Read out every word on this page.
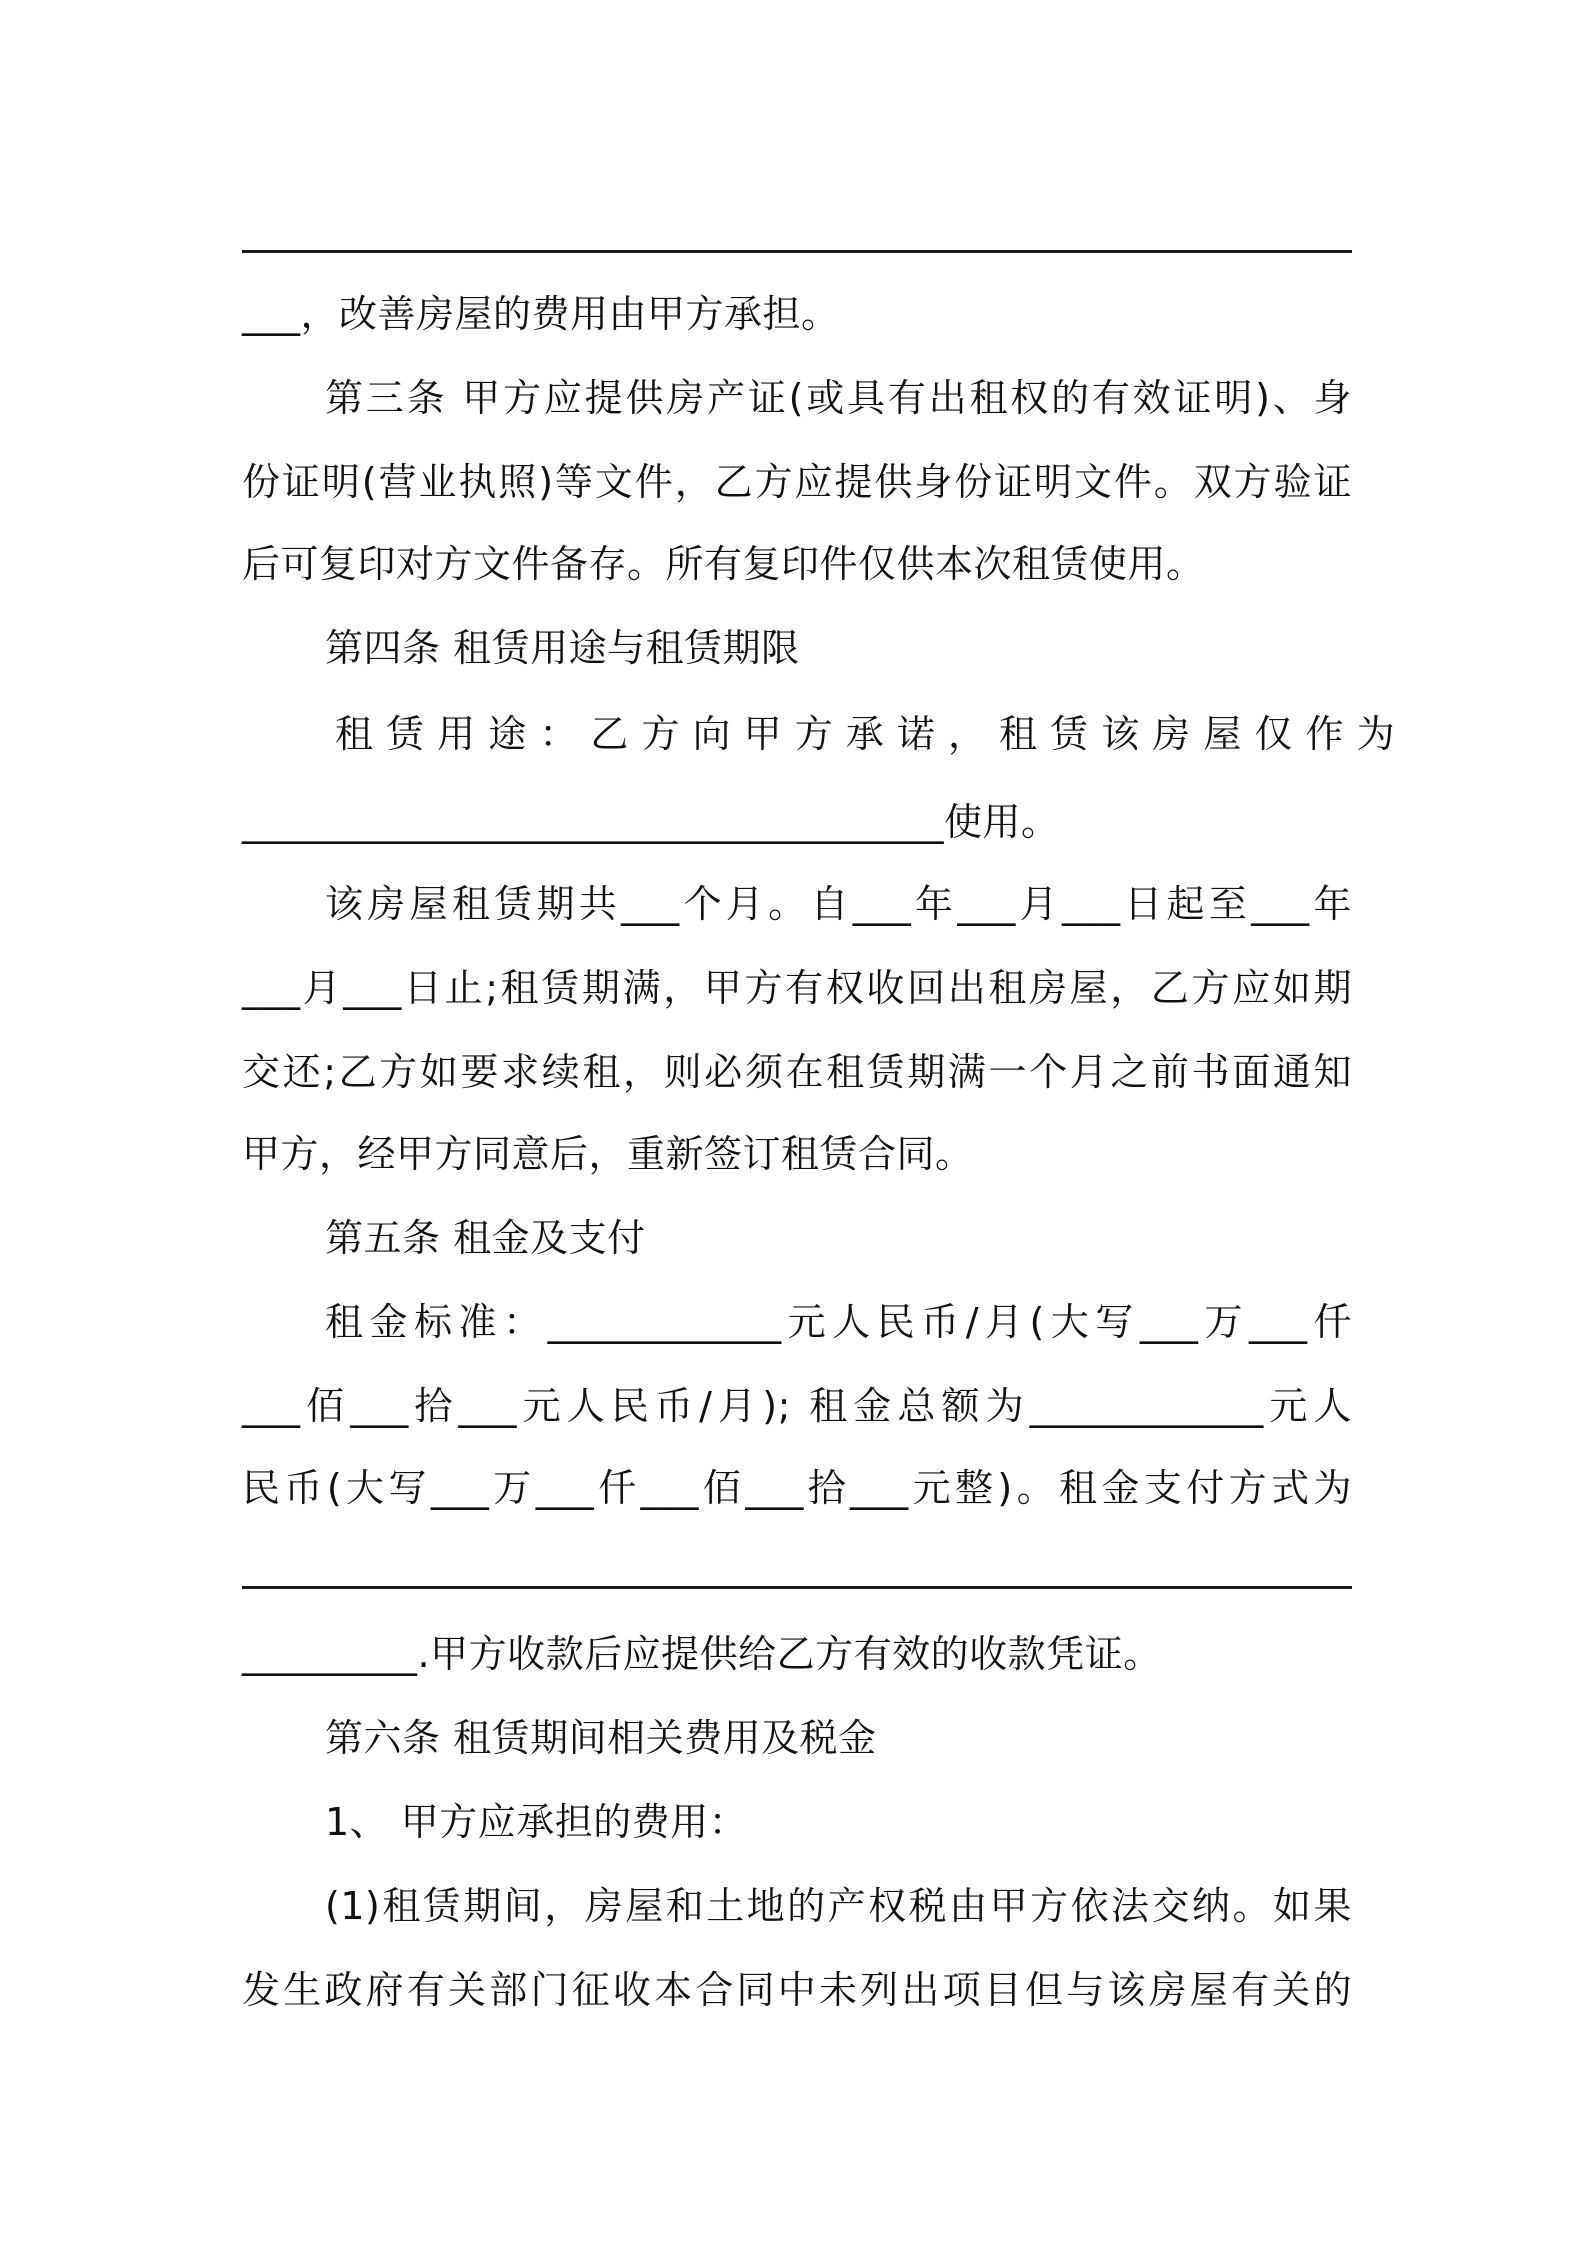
___，改善房屋的费用由甲方承担。
第三条 甲方应提供房产证(或具有出租权的有效证明)、身
份证明(营业执照)等文件，乙方应提供身份证明文件。双方验证
后可复印对方文件备存。所有复印件仅供本次租赁使用。
第四条 租赁用途与租赁期限
租 赁 用 途 ： 乙 方 向 甲 方 承 诺 ， 租 赁 该 房 屋 仅 作 为
____________________________________使用。
该房屋租赁期共___个月。自___年___月___日起至___年
___月___日止;租赁期满，甲方有权收回出租房屋，乙方应如期
交还;乙方如要求续租，则必须在租赁期满一个月之前书面通知
甲方，经甲方同意后，重新签订租赁合同。
第五条 租金及支付
租金标准：____________元人民币/月(大写___万___仟
___佰___拾___元人民币/月); 租金总额为____________元人
民币(大写___万___仟___佰___拾___元整)。租金支付方式为
_________.甲方收款后应提供给乙方有效的收款凭证。
第六条 租赁期间相关费用及税金
1、 甲方应承担的费用：
(1)租赁期间，房屋和土地的产权税由甲方依法交纳。如果
发生政府有关部门征收本合同中未列出项目但与该房屋有关的
